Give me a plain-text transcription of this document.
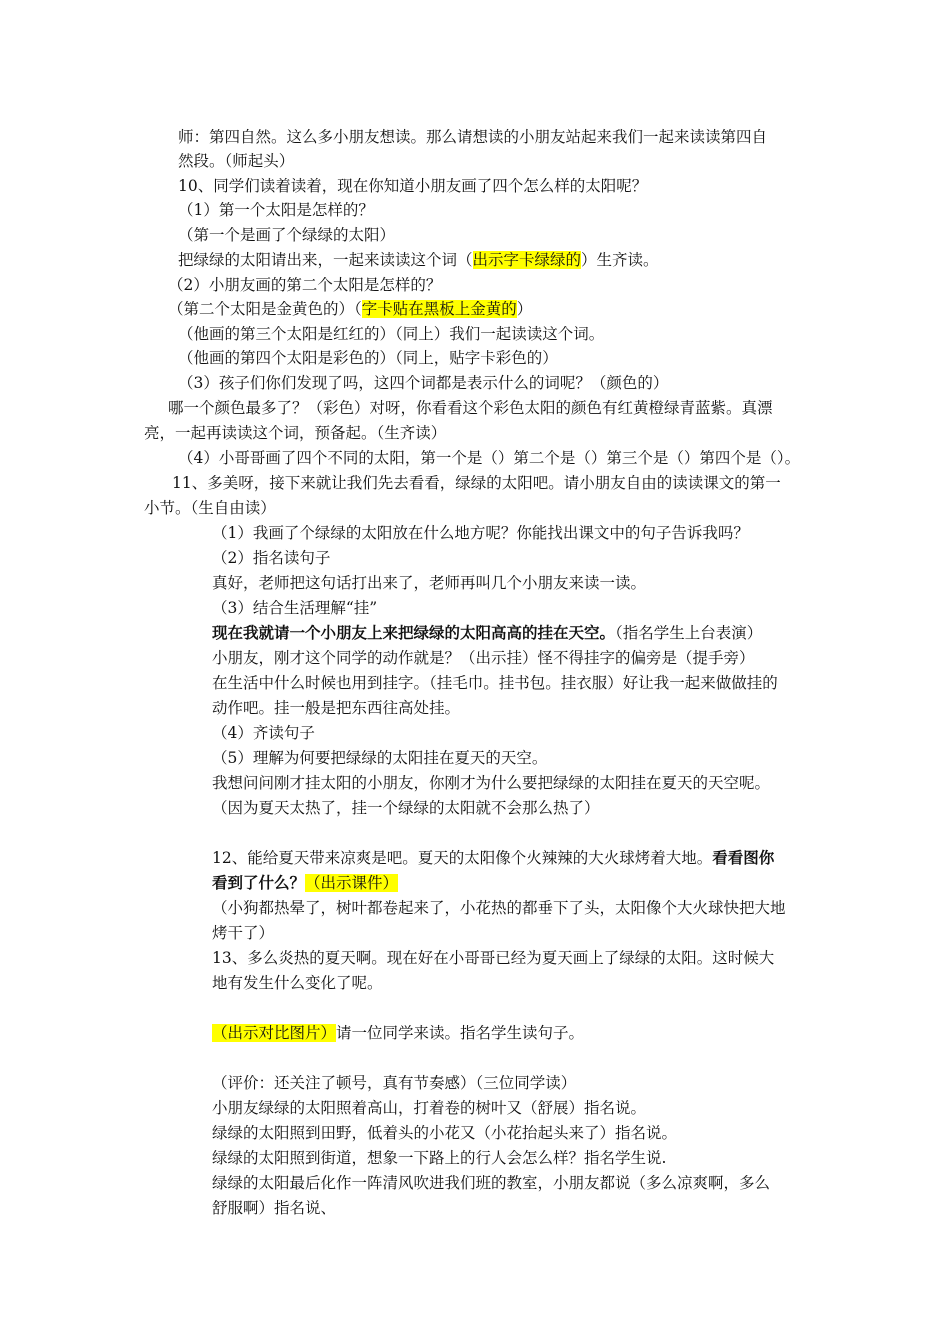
师：第四自然。这么多小朋友想读。那么请想读的小朋友站起来我们一起来读读第四自
然段。（师起头）
10、同学们读着读着，现在你知道小朋友画了四个怎么样的太阳呢？
（1）第一个太阳是怎样的？
（第一个是画了个绿绿的太阳）
把绿绿的太阳请出来，一起来读读这个词（出示字卡绿绿的）生齐读。
（2）小朋友画的第二个太阳是怎样的？
（第二个太阳是金黄色的）（字卡贴在黑板上金黄的）
（他画的第三个太阳是红红的）（同上）我们一起读读这个词。
（他画的第四个太阳是彩色的）（同上，贴字卡彩色的）
（3）孩子们你们发现了吗，这四个词都是表示什么的词呢？（颜色的）
哪一个颜色最多了？（彩色）对呀，你看看这个彩色太阳的颜色有红黄橙绿青蓝紫。真漂
亮，一起再读读这个词，预备起。（生齐读）
（4）小哥哥画了四个不同的太阳，第一个是（）第二个是（）第三个是（）第四个是（）。
11、多美呀，接下来就让我们先去看看，绿绿的太阳吧。请小朋友自由的读读课文的第一
小节。（生自由读）
（1）我画了个绿绿的太阳放在什么地方呢？你能找出课文中的句子告诉我吗？
（2）指名读句子
真好，老师把这句话打出来了，老师再叫几个小朋友来读一读。
（3）结合生活理解“挂”
现在我就请一个小朋友上来把绿绿的太阳高高的挂在天空。（指名学生上台表演）
小朋友，刚才这个同学的动作就是？（出示挂）怪不得挂字的偏旁是（提手旁）
在生活中什么时候也用到挂字。（挂毛巾。挂书包。挂衣服）好让我一起来做做挂的
动作吧。挂一般是把东西往高处挂。
（4）齐读句子
（5）理解为何要把绿绿的太阳挂在夏天的天空。
我想问问刚才挂太阳的小朋友，你刚才为什么要把绿绿的太阳挂在夏天的天空呢。
（因为夏天太热了，挂一个绿绿的太阳就不会那么热了）
12、能给夏天带来凉爽是吧。夏天的太阳像个火辣辣的大火球烤着大地。看看图你
看到了什么？（出示课件）
（小狗都热晕了，树叶都卷起来了，小花热的都垂下了头，太阳像个大火球快把大地
烤干了）
13、多么炎热的夏天啊。现在好在小哥哥已经为夏天画上了绿绿的太阳。这时候大
地有发生什么变化了呢。
（出示对比图片）请一位同学来读。指名学生读句子。
（评价：还关注了顿号，真有节奏感）（三位同学读）
小朋友绿绿的太阳照着高山，打着卷的树叶又（舒展）指名说。
绿绿的太阳照到田野，低着头的小花又（小花抬起头来了）指名说。
绿绿的太阳照到街道，想象一下路上的行人会怎么样？指名学生说.
绿绿的太阳最后化作一阵清风吹进我们班的教室，小朋友都说（多么凉爽啊，多么
舒服啊）指名说、
